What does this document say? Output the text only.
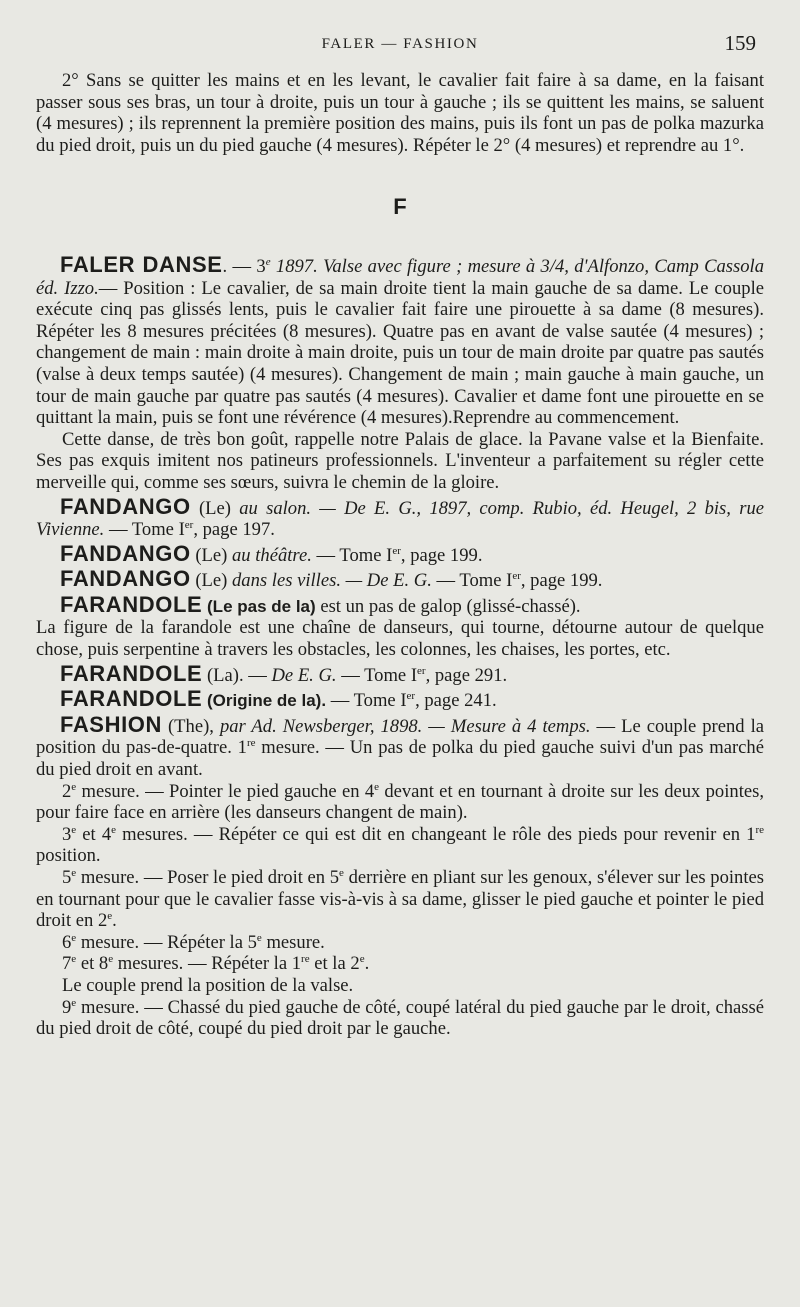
FALER — FASHION	159

2° Sans se quitter les mains et en les levant, le cavalier fait faire à sa dame, en la faisant passer sous ses bras, un tour à droite, puis un tour à gauche ; ils se quittent les mains, se saluent (4 mesures) ; ils reprennent la première position des mains, puis ils font un pas de polka mazurka du pied droit, puis un du pied gauche (4 mesures). Répéter le 2° (4 mesures) et reprendre au 1°.

F

FALER DANSE. — 3e 1897. Valse avec figure ; mesure à 3/4, d'Alfonzo, Camp Cassola éd. Izzo.— Position : Le cavalier, de sa main droite tient la main gauche de sa dame. Le couple exécute cinq pas glissés lents, puis le cavalier fait faire une pirouette à sa dame (8 mesures). Répéter les 8 mesures précitées (8 mesures). Quatre pas en avant de valse sautée (4 mesures) ; changement de main : main droite à main droite, puis un tour de main droite par quatre pas sautés (valse à deux temps sautée) (4 mesures). Changement de main ; main gauche à main gauche, un tour de main gauche par quatre pas sautés (4 mesures). Cavalier et dame font une pirouette en se quittant la main, puis se font une révérence (4 mesures).Reprendre au commencement.

Cette danse, de très bon goût, rappelle notre Palais de glace. la Pavane valse et la Bienfaite. Ses pas exquis imitent nos patineurs professionnels. L'inventeur a parfaitement su régler cette merveille qui, comme ses sœurs, suivra le chemin de la gloire.

FANDANGO (Le) au salon. — De E. G., 1897, comp. Rubio, éd. Heugel, 2 bis, rue Vivienne. — Tome Ier, page 197.

FANDANGO (Le) au théâtre. — Tome Ier, page 199.

FANDANGO (Le) dans les villes. — De E. G. — Tome Ier, page 199.

FARANDOLE (Le pas de la) est un pas de galop (glissé-chassé).

La figure de la farandole est une chaîne de danseurs, qui tourne, détourne autour de quelque chose, puis serpentine à travers les obstacles, les colonnes, les chaises, les portes, etc.

FARANDOLE (La). — De E. G. — Tome Ier, page 291.

FARANDOLE (Origine de la). — Tome Ier, page 241.

FASHION (The), par Ad. Newsberger, 1898. — Mesure à 4 temps. — Le couple prend la position du pas-de-quatre. 1re mesure. — Un pas de polka du pied gauche suivi d'un pas marché du pied droit en avant.

2e mesure. — Pointer le pied gauche en 4e devant et en tournant à droite sur les deux pointes, pour faire face en arrière (les danseurs changent de main).

3e et 4e mesures. — Répéter ce qui est dit en changeant le rôle des pieds pour revenir en 1re position.

5e mesure. — Poser le pied droit en 5e derrière en pliant sur les genoux, s'élever sur les pointes en tournant pour que le cavalier fasse vis-à-vis à sa dame, glisser le pied gauche et pointer le pied droit en 2e.

6e mesure. — Répéter la 5e mesure.

7e et 8e mesures. — Répéter la 1re et la 2e.

Le couple prend la position de la valse.

9e mesure. — Chassé du pied gauche de côté, coupé latéral du pied gauche par le droit, chassé du pied droit de côté, coupé du pied droit par le gauche.
